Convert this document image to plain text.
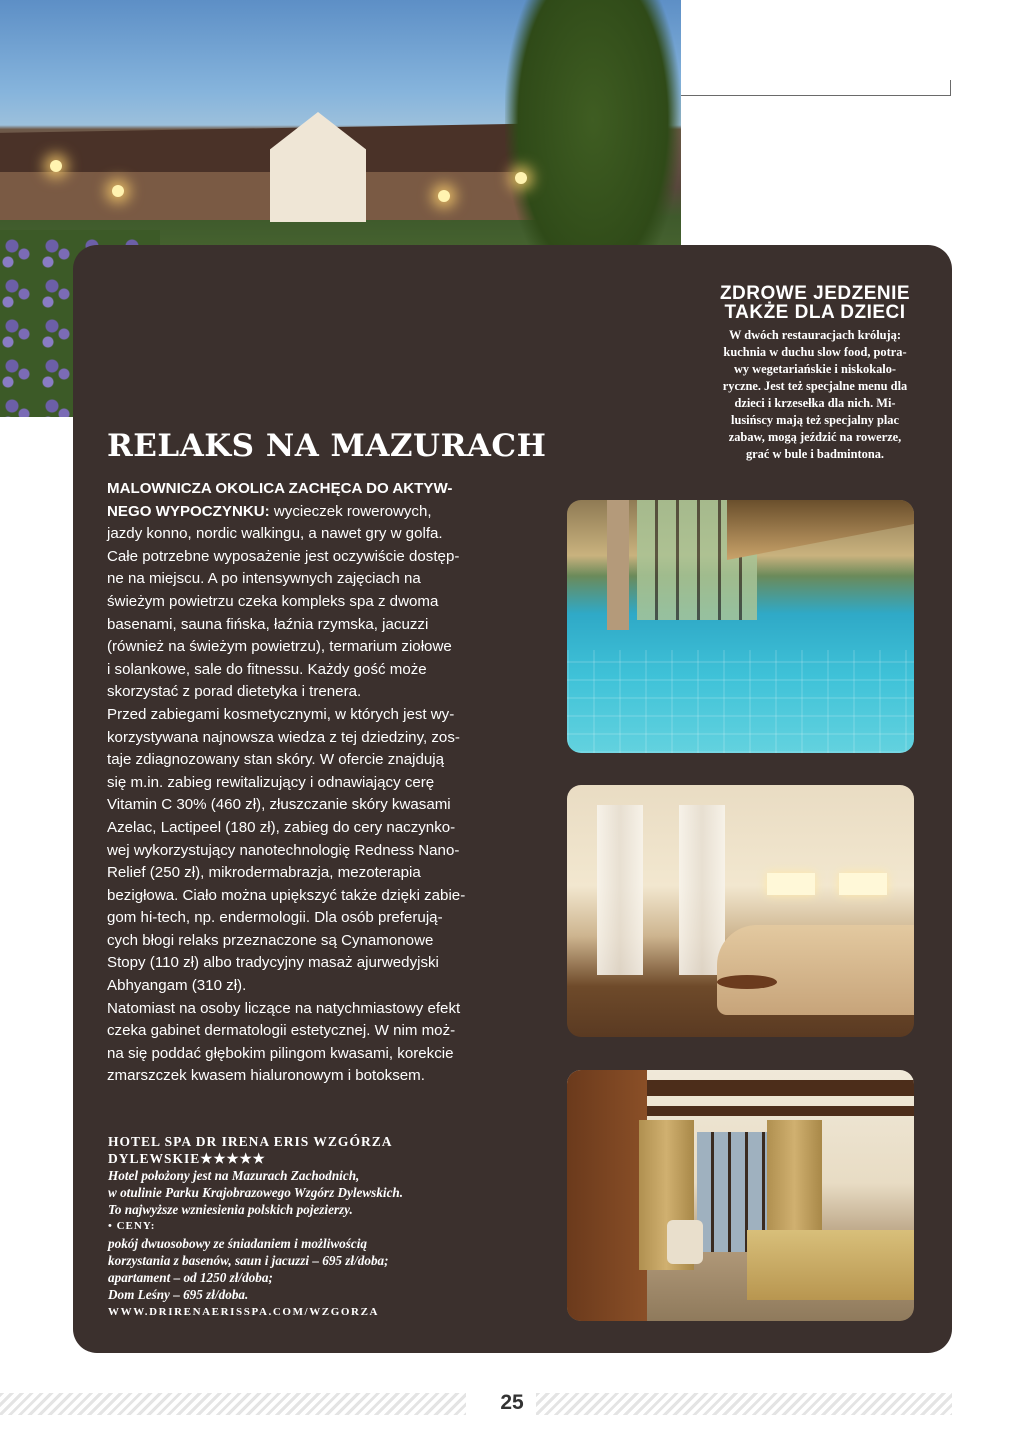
ZDROWE JEDZENIE
TAKŻE DLA DZIECI
W dwóch restauracjach królują:
kuchnia w duchu slow food, potra-
wy wegetariańskie i niskokalo-
ryczne. Jest też specjalne menu dla
dzieci i krzesełka dla nich. Mi-
lusińscy mają też specjalny plac
zabaw, mogą jeździć na rowerze,
grać w bule i badmintona.
RELAKS NA MAZURACH
MALOWNICZA OKOLICA ZACHĘCA DO AKTYW-
NEGO WYPOCZYNKU: wycieczek rowerowych,
jazdy konno, nordic walkingu, a nawet gry w golfa.
Całe potrzebne wyposażenie jest oczywiście dostęp-
ne na miejscu. A po intensywnych zajęciach na
świeżym powietrzu czeka kompleks spa z dwoma
basenami, sauna fińska, łaźnia rzymska, jacuzzi
(również na świeżym powietrzu), termarium ziołowe
i solankowe, sale do fitnessu. Każdy gość może
skorzystać z porad dietetyka i trenera.
Przed zabiegami kosmetycznymi, w których jest wy-
korzystywana najnowsza wiedza z tej dziedziny, zos-
taje zdiagnozowany stan skóry. W ofercie znajdują
się m.in. zabieg rewitalizujący i odnawiający cerę
Vitamin C 30% (460 zł), złuszczanie skóry kwasami
Azelac, Lactipeel (180 zł), zabieg do cery naczynko-
wej wykorzystujący nanotechnologię Redness Nano-
Relief (250 zł), mikrodermabrazja, mezoterapia
bezigłowa. Ciało można upiększyć także dzięki zabie-
gom hi-tech, np. endermologii. Dla osób preferują-
cych błogi relaks przeznaczone są Cynamonowe
Stopy (110 zł) albo tradycyjny masaż ajurwedyjski
Abhyangam (310 zł).
Natomiast na osoby liczące na natychmiastowy efekt
czeka gabinet dermatologii estetycznej. W nim moż-
na się poddać głębokim pilingom kwasami, korekcie
zmarszczek kwasem hialuronowym i botoksem.
HOTEL SPA DR IRENA ERIS WZGÓRZA
DYLEWSKIE★★★★★
Hotel położony jest na Mazurach Zachodnich,
w otulinie Parku Krajobrazowego Wzgórz Dylewskich.
To najwyższe wzniesienia polskich pojezierzy.
• CENY:
pokój dwuosobowy ze śniadaniem i możliwością
korzystania z basenów, saun i jacuzzi – 695 zł/doba;
apartament – od 1250 zł/doba;
Dom Leśny – 695 zł/doba.
WWW.DRIRENAERISSPA.COM/WZGORZA
25
